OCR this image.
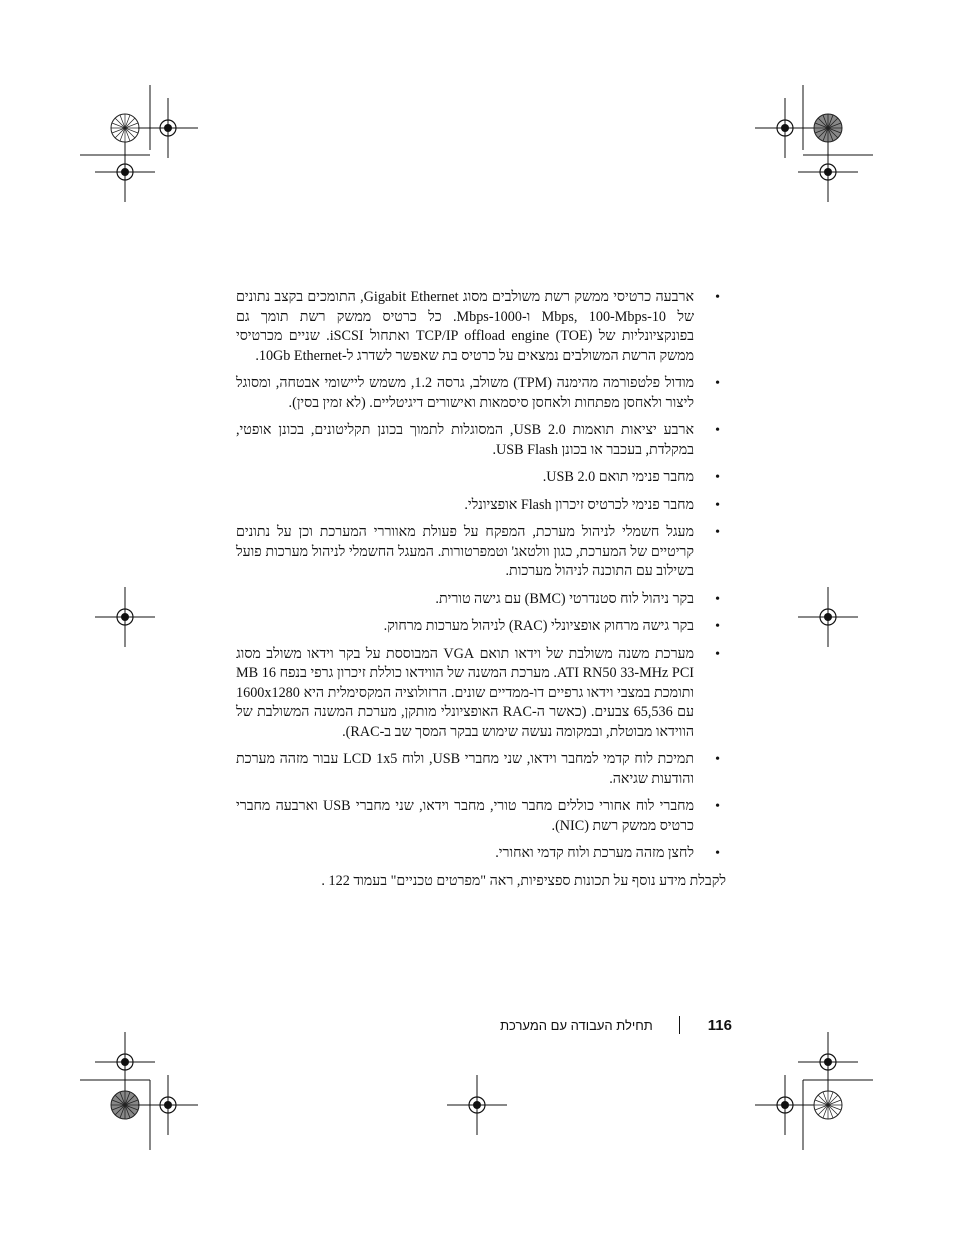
• ארבעה כרטיסי ממשק רשת משולבים מסוג Gigabit Ethernet, התומכים בקצב נתונים של 10-Mbps, 100-Mbps ו-1000-Mbps. כל כרטיס ממשק רשת תומך גם בפונקציונליות של TCP/IP offload engine (TOE) ואתחול iSCSI. שניים מכרטיסי ממשק הרשת המשולבים נמצאים על כרטיס בת שאפשר לשדרג ל-10Gb Ethernet.
• מודול פלטפורמה מהימנה (TPM) משולב, גרסה 1.2, משמש ליישומי אבטחה, ומסוגל ליצור ולאחסן מפתחות ולאחסן סיסמאות ואישורים דיגיטליים. (לא זמין בסין).
• ארבע יציאות תואמות USB 2.0, המסוגלות לתמוך בכונן תקליטונים, בכונן אופטי, במקלדת, בעכבר או בכונן USB Flash.
• מחבר פנימי תואם USB 2.0.
• מחבר פנימי לכרטיס זיכרון Flash אופציונלי.
• מעגל חשמלי לניהול מערכת, המפקח על פעולת מאווררי המערכת וכן על נתונים קריטיים של המערכת, כגון וולטאג' וטמפרטורות. המעגל החשמלי לניהול מערכות פועל בשילוב עם התוכנה לניהול מערכות.
• בקר ניהול לוח סטנדרטי (BMC) עם גישה טורית.
• בקר גישה מרחוק אופציונלי (RAC) לניהול מערכות מרחוק.
• מערכת משנה משולבת של וידאו תואם VGA המבוססת על בקר וידאו משולב מסוג ATI RN50 33-MHz PCI. מערכת המשנה של הווידאו כוללת זיכרון גרפי בנפח 16 MB ותומכת במצבי וידאו גרפיים דו-ממדיים שונים. הרזולוציה המקסימלית היא 1600x1280 עם 65,536 צבעים. (כאשר ה-RAC האופציונלי מותקן, מערכת המשנה המשולבת של הווידאו מבוטלת, ובמקומה נעשה שימוש בבקר המסך שב ב-RAC).
• תמיכת לוח קדמי למחבר וידאו, שני מחברי USB, ולוח LCD 1x5 עבור מזהה מערכת והודעות שגיאה.
• מחברי לוח אחורי כוללים מחבר טורי, מחבר וידאו, שני מחברי USB וארבעה מחברי כרטיס ממשק רשת (NIC).
• לחצן מזהה מערכת ולוח קדמי ואחורי.

לקבלת מידע נוסף על תכונות ספציפיות, ראה "מפרטים טכניים" בעמוד 122 .

116
תחילת העבודה עם המערכת
